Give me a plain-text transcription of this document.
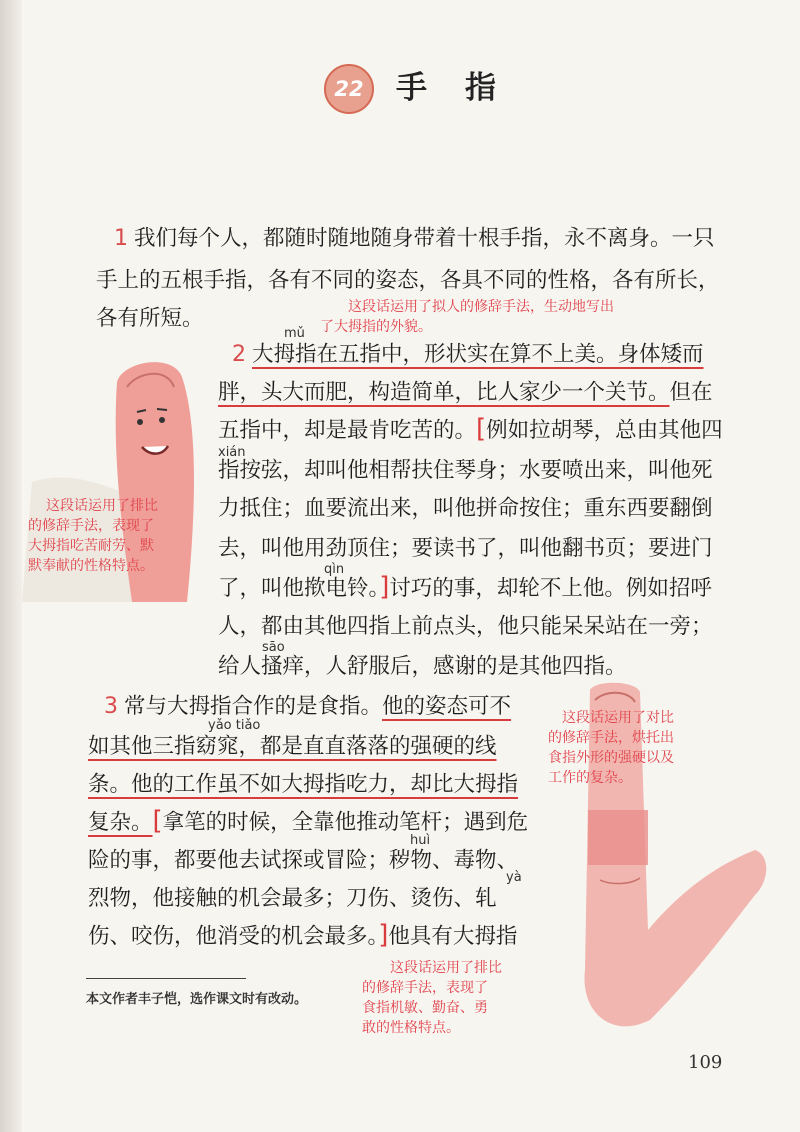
22 手指
1 我们每个人，都随时随地随身带着十根手指，永不离身。一只
手上的五根手指，各有不同的姿态，各具不同的性格，各有所长，
各有所短。	这段话运用了拟人的修辞手法，生动地写出
了大拇指的外貌。
mǔ
2 大拇指在五指中，形状实在算不上美。身体矮而
胖，头大而肥，构造简单，比人家少一个关节。但在
五指中，却是最肯吃苦的。[例如拉胡琴，总由其他四
xián
指按弦，却叫他相帮扶住琴身；水要喷出来，叫他死
力抵住；血要流出来，叫他拼命按住；重东西要翻倒
去，叫他用劲顶住；要读书了，叫他翻书页；要进门
qìn
了，叫他揿电铃。]讨巧的事，却轮不上他。例如招呼
人，都由其他四指上前点头，他只能呆呆站在一旁；
sāo
给人搔痒，人舒服后，感谢的是其他四指。
这段话运用了排比
的修辞手法，表现了
大拇指吃苦耐劳、默
默奉献的性格特点。
3 常与大拇指合作的是食指。他的姿态可不
yǎo tiǎo
如其他三指窈窕，都是直直落落的强硬的线
条。他的工作虽不如大拇指吃力，却比大拇指
复杂。[拿笔的时候，全靠他推动笔杆；遇到危
huì
险的事，都要他去试探或冒险；秽物、毒物、
yà
烈物，他接触的机会最多；刀伤、烫伤、轧
伤、咬伤，他消受的机会最多。]他具有大拇指
这段话运用了对比
的修辞手法，烘托出
食指外形的强硬以及
工作的复杂。
这段话运用了排比
的修辞手法，表现了
食指机敏、勤奋、勇
敢的性格特点。
本文作者丰子恺，选作课文时有改动。
109
